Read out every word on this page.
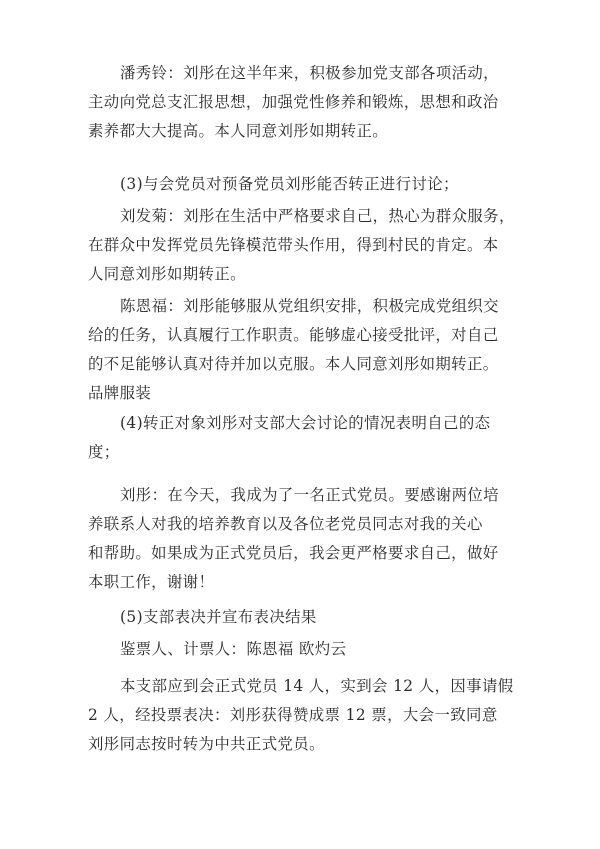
潘秀铃：刘彤在这半年来，积极参加党支部各项活动，
主动向党总支汇报思想，加强党性修养和锻炼，思想和政治
素养都大大提高。本人同意刘彤如期转正。

(3)与会党员对预备党员刘彤能否转正进行讨论；

刘发菊：刘彤在生活中严格要求自己，热心为群众服务，
在群众中发挥党员先锋模范带头作用，得到村民的肯定。本
人同意刘彤如期转正。

陈恩福：刘彤能够服从党组织安排，积极完成党组织交
给的任务，认真履行工作职责。能够虚心接受批评，对自己
的不足能够认真对待并加以克服。本人同意刘彤如期转正。
品牌服装

(4)转正对象刘彤对支部大会讨论的情况表明自己的态
度；

刘彤：在今天，我成为了一名正式党员。要感谢两位培
养联系人对我的培养教育以及各位老党员同志对我的关心
和帮助。如果成为正式党员后，我会更严格要求自己，做好
本职工作，谢谢！

(5)支部表决并宣布表决结果

鉴票人、计票人：陈恩福 欧灼云

本支部应到会正式党员 14 人，实到会 12 人，因事请假
2 人，经投票表决：刘彤获得赞成票 12 票，大会一致同意
刘彤同志按时转为中共正式党员。
